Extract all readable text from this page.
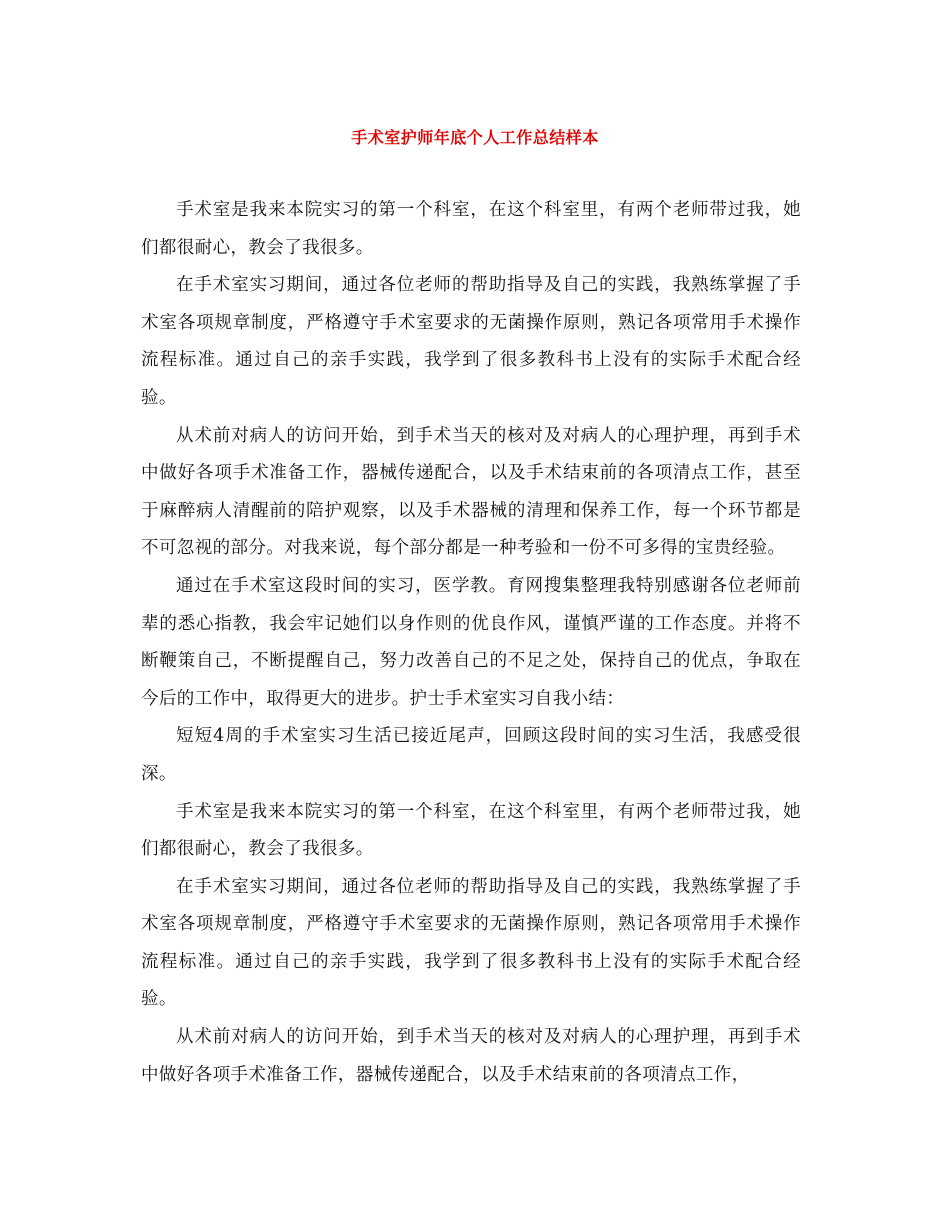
手术室护师年底个人工作总结样本

手术室是我来本院实习的第一个科室，在这个科室里，有两个老师带过我，她们都很耐心，教会了我很多。

在手术室实习期间，通过各位老师的帮助指导及自己的实践，我熟练掌握了手术室各项规章制度，严格遵守手术室要求的无菌操作原则，熟记各项常用手术操作流程标准。通过自己的亲手实践，我学到了很多教科书上没有的实际手术配合经验。

从术前对病人的访问开始，到手术当天的核对及对病人的心理护理，再到手术中做好各项手术准备工作，器械传递配合，以及手术结束前的各项清点工作，甚至于麻醉病人清醒前的陪护观察，以及手术器械的清理和保养工作，每一个环节都是不可忽视的部分。对我来说，每个部分都是一种考验和一份不可多得的宝贵经验。

通过在手术室这段时间的实习，医学教。育网搜集整理我特别感谢各位老师前辈的悉心指教，我会牢记她们以身作则的优良作风，谨慎严谨的工作态度。并将不断鞭策自己，不断提醒自己，努力改善自己的不足之处，保持自己的优点，争取在今后的工作中，取得更大的进步。护士手术室实习自我小结：

短短4周的手术室实习生活已接近尾声，回顾这段时间的实习生活，我感受很深。

手术室是我来本院实习的第一个科室，在这个科室里，有两个老师带过我，她们都很耐心，教会了我很多。

在手术室实习期间，通过各位老师的帮助指导及自己的实践，我熟练掌握了手术室各项规章制度，严格遵守手术室要求的无菌操作原则，熟记各项常用手术操作流程标准。通过自己的亲手实践，我学到了很多教科书上没有的实际手术配合经验。

从术前对病人的访问开始，到手术当天的核对及对病人的心理护理，再到手术中做好各项手术准备工作，器械传递配合，以及手术结束前的各项清点工作，
